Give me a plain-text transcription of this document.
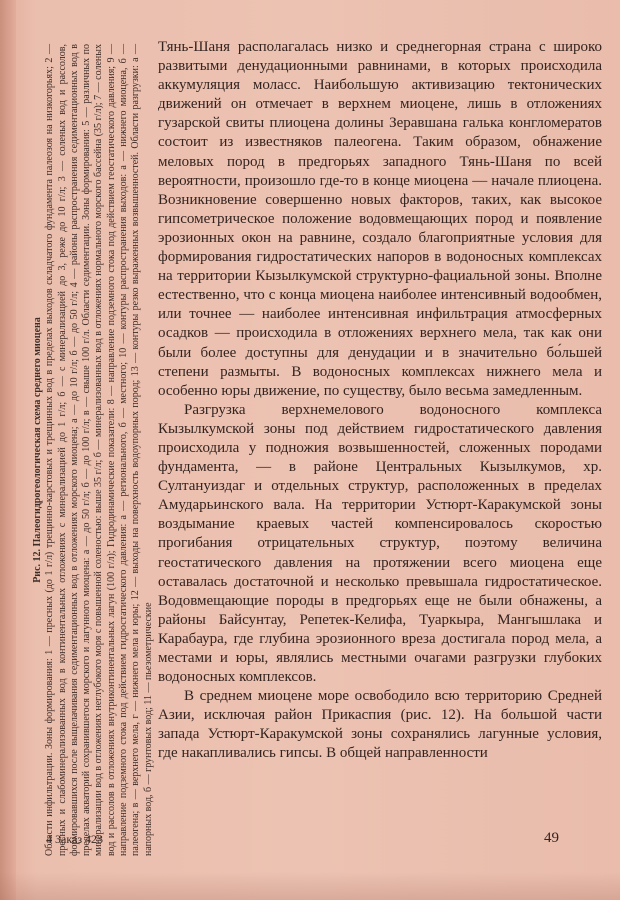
Рис. 12. Палеогидрогеологическая схема среднего миоцена Области инфильтрации. Зоны формирования: 1 — пресных (до 1 г/л) трещинно-карстовых и трещинных вод в пределах выходов складчатого фундамента палеозоя на низкогорьях; 2 — пресных и слабоминерализованных вод в континентальных отложениях с минерализацией до 1 г/л; б — с минерализацией до 3, реже до 10 г/л; 3 — соленых вод и рассолов, формировавшихся после выщелачивания седиментационных вод в отложениях морского миоцена; а — до 10 г/л; б — до 50 г/л; 4 — районы распространения седиментационных вод в пределах акваторий сохранившегося морского и лагунного миоцена: а — до 50 г/л; б — до 100 г/л; в — свыше 100 г/л. Области седиментации. Зоны формирования: 5 — различных по минерализации вод в отложениях неглубокого моря с повышенной соленостью: выше 35 г/л; б — минерализованных вод в отложениях нормального морского бассейна (35 г/л); 7 — соленых вод и рассолов в отложениях внутриконтинентальных лагун (100 г/л); Гидродинамические показатели: 8 — направление подземного стока под действием геостатического давления; 9 — направление подземного стока под действием гидростатического давления: а — регионального, б — местного; 10 — контуры распространения выходов: а — нижнего миоцена, б — палеогена; в — верхнего мела, г — нижнего мела и юры; 12 — выходы на поверхность водоупорных пород; 13 — контуры резко выраженных возвышенностей. Области разгрузки: а — напорных вод, б — грунтовых вод; 11 — пьезометрические

Тянь-Шаня располагалась низко и среднегорная страна с широко развитыми денудационными равнинами, в которых происходила аккумуляция моласс. Наибольшую активизацию тектонических движений он отмечает в верхнем миоцене, лишь в отложениях гузарской свиты плиоцена долины Зеравшана галька конгломератов состоит из известняков палеогена. Таким образом, обнажение меловых пород в предгорьях западного Тянь-Шаня по всей вероятности, произошло где-то в конце миоцена — начале плиоцена. Возникновение совершенно новых факторов, таких, как высокое гипсометрическое положение водовмещающих пород и появление эрозионных окон на равнине, создало благоприятные условия для формирования гидростатических напоров в водоносных комплексах на территории Кызылкумской структурно-фациальной зоны. Вполне естественно, что с конца миоцена наиболее интенсивный водообмен, или точнее — наиболее интенсивная инфильтрация атмосферных осадков — происходила в отложениях верхнего мела, так как они были более доступны для денудации и в значительно бо́льшей степени размыты. В водоносных комплексах нижнего мела и особенно юры движение, по существу, было весьма замедленным.

Разгрузка верхнемелового водоносного комплекса Кызылкумской зоны под действием гидростатического давления происходила у подножия возвышенностей, сложенных породами фундамента, — в районе Центральных Кызылкумов, хр. Султануиздаг и отдельных структур, расположенных в пределах Амударьинского вала. На территории Устюрт-Каракумской зоны воздымание краевых частей компенсировалось скоростью прогибания отрицательных структур, поэтому величина геостатического давления на протяжении всего миоцена еще оставалась достаточной и несколько превышала гидростатическое. Водовмещающие породы в предгорьях еще не были обнажены, а районы Байсунтау, Репетек-Келифа, Туаркыра, Мангышлака и Карабаура, где глубина эрозионного вреза достигала пород мела, а местами и юры, являлись местными очагами разгрузки глубоких водоносных комплексов.

В среднем миоцене море освободило всю территорию Средней Азии, исключая район Прикаспия (рис. 12). На большой части запада Устюрт-Каракумской зоны сохранялись лагунные условия, где накапливались гипсы. В общей направленности

4 Заказ 423	49
